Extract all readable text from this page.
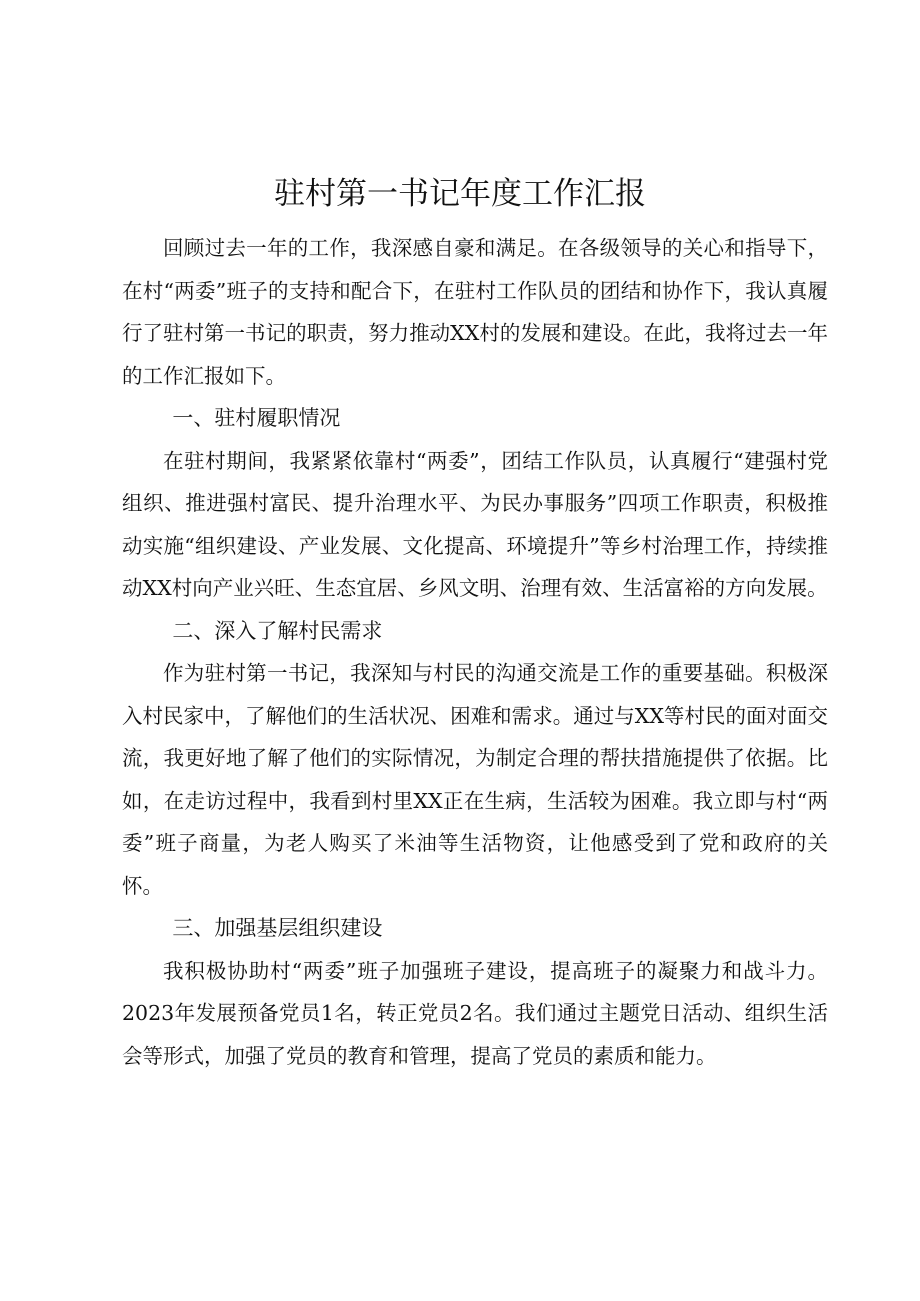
驻村第一书记年度工作汇报

回顾过去一年的工作，我深感自豪和满足。在各级领导的关心和指导下，在村“两委”班子的支持和配合下，在驻村工作队员的团结和协作下，我认真履行了驻村第一书记的职责，努力推动XX村的发展和建设。在此，我将过去一年的工作汇报如下。

一、驻村履职情况

在驻村期间，我紧紧依靠村“两委”，团结工作队员，认真履行“建强村党组织、推进强村富民、提升治理水平、为民办事服务”四项工作职责，积极推动实施“组织建设、产业发展、文化提高、环境提升”等乡村治理工作，持续推动XX村向产业兴旺、生态宜居、乡风文明、治理有效、生活富裕的方向发展。

二、深入了解村民需求

作为驻村第一书记，我深知与村民的沟通交流是工作的重要基础。积极深入村民家中，了解他们的生活状况、困难和需求。通过与XX等村民的面对面交流，我更好地了解了他们的实际情况，为制定合理的帮扶措施提供了依据。比如，在走访过程中，我看到村里XX正在生病，生活较为困难。我立即与村“两委”班子商量，为老人购买了米油等生活物资，让他感受到了党和政府的关怀。

三、加强基层组织建设

我积极协助村“两委”班子加强班子建设，提高班子的凝聚力和战斗力。2023年发展预备党员1名，转正党员2名。我们通过主题党日活动、组织生活会等形式，加强了党员的教育和管理，提高了党员的素质和能力。
